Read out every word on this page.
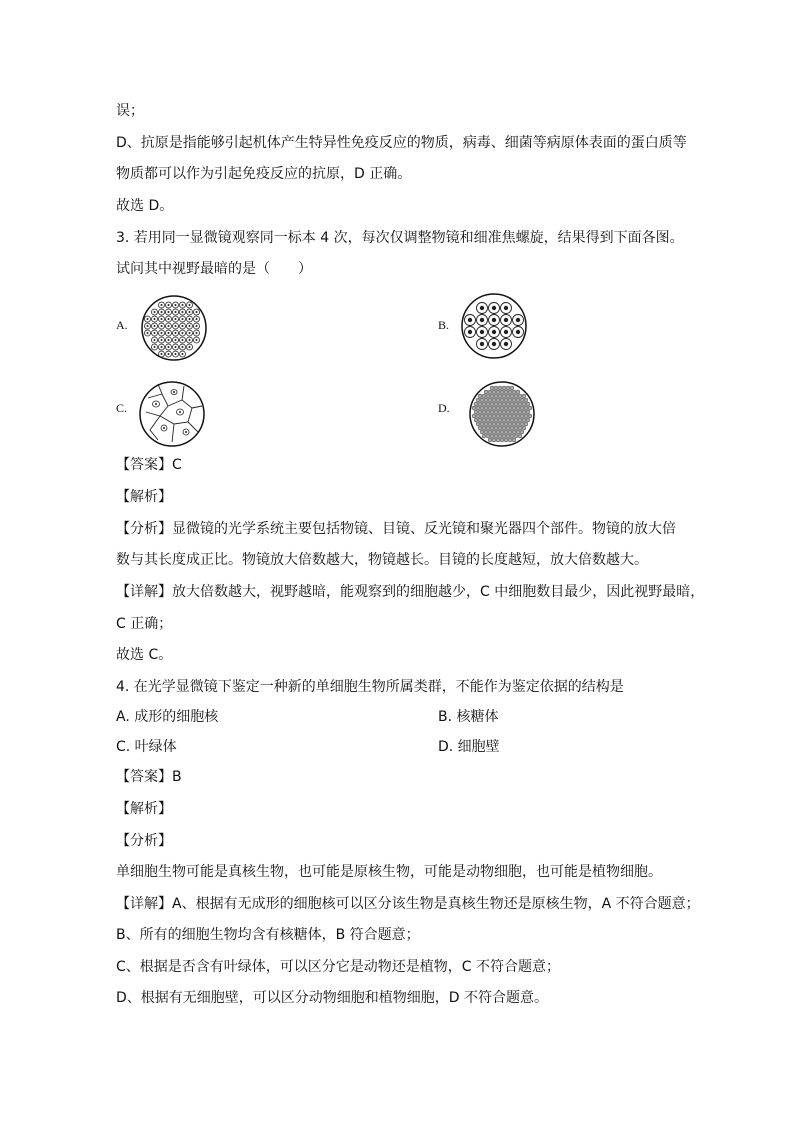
误；
D、抗原是指能够引起机体产生特异性免疫反应的物质，病毒、细菌等病原体表面的蛋白质等
物质都可以作为引起免疫反应的抗原，D 正确。
故选 D。
3. 若用同一显微镜观察同一标本 4 次，每次仅调整物镜和细准焦螺旋，结果得到下面各图。
试问其中视野最暗的是（　　）
A.	B.
C.	D.
【答案】C
【解析】
【分析】显微镜的光学系统主要包括物镜、目镜、反光镜和聚光器四个部件。物镜的放大倍
数与其长度成正比。物镜放大倍数越大，物镜越长。目镜的长度越短，放大倍数越大。
【详解】放大倍数越大，视野越暗，能观察到的细胞越少，C 中细胞数目最少，因此视野最暗，
C 正确；
故选 C。
4. 在光学显微镜下鉴定一种新的单细胞生物所属类群，不能作为鉴定依据的结构是
A. 成形的细胞核	B. 核糖体
C. 叶绿体	D. 细胞壁
【答案】B
【解析】
【分析】
单细胞生物可能是真核生物，也可能是原核生物，可能是动物细胞，也可能是植物细胞。
【详解】A、根据有无成形的细胞核可以区分该生物是真核生物还是原核生物，A 不符合题意；
B、所有的细胞生物均含有核糖体，B 符合题意；
C、根据是否含有叶绿体，可以区分它是动物还是植物，C 不符合题意；
D、根据有无细胞壁，可以区分动物细胞和植物细胞，D 不符合题意。
